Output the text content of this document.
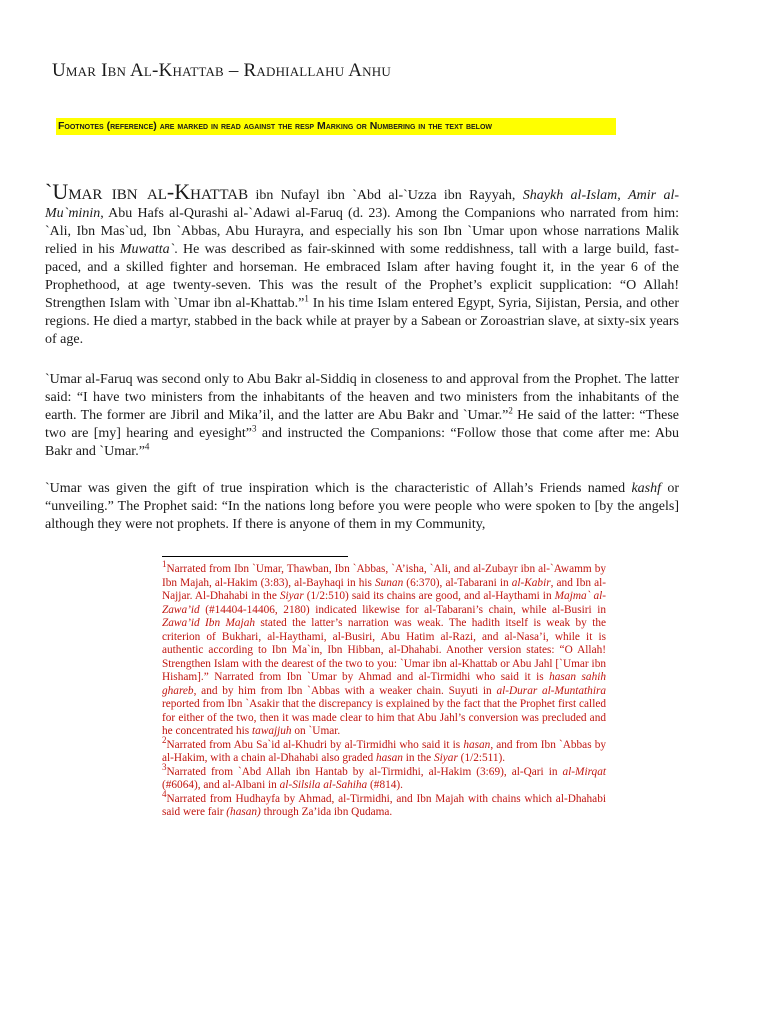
Umar Ibn Al-Khattab – Radhiallahu Anhu
Footnotes (reference) are marked in read against the resp Marking or Numbering in the text below
`Umar ibn al-Khattab ibn Nufayl ibn `Abd al-`Uzza ibn Rayyah, Shaykh al-Islam, Amir al-Mu`minin, Abu Hafs al-Qurashi al-`Adawi al-Faruq (d. 23). Among the Companions who narrated from him: `Ali, Ibn Mas`ud, Ibn `Abbas, Abu Hurayra, and especially his son Ibn `Umar upon whose narrations Malik relied in his Muwatta`. He was described as fair-skinned with some reddishness, tall with a large build, fast-paced, and a skilled fighter and horseman. He embraced Islam after having fought it, in the year 6 of the Prophethood, at age twenty-seven. This was the result of the Prophet’s explicit supplication: “O Allah! Strengthen Islam with `Umar ibn al-Khattab.”$^1$ In his time Islam entered Egypt, Syria, Sijistan, Persia, and other regions. He died a martyr, stabbed in the back while at prayer by a Sabean or Zoroastrian slave, at sixty-six years of age.
`Umar al-Faruq was second only to Abu Bakr al-Siddiq in closeness to and approval from the Prophet. The latter said: “I have two ministers from the inhabitants of the heaven and two ministers from the inhabitants of the earth. The former are Jibril and Mika’il, and the latter are Abu Bakr and `Umar.”$^2$ He said of the latter: “These two are [my] hearing and eyesight”$^3$ and instructed the Companions: “Follow those that come after me: Abu Bakr and `Umar.”$^4$
`Umar was given the gift of true inspiration which is the characteristic of Allah’s Friends named kashf or “unveiling.” The Prophet said: “In the nations long before you were people who were spoken to [by the angels] although they were not prophets. If there is anyone of them in my Community,

$^1$Narrated from Ibn `Umar, Thawban, Ibn `Abbas, `A’isha, `Ali, and al-Zubayr ibn al-`Awamm by Ibn Majah, al-Hakim (3:83), al-Bayhaqi in his Sunan (6:370), al-Tabarani in al-Kabir, and Ibn al-Najjar. Al-Dhahabi in the Siyar (1/2:510) said its chains are good, and al-Haythami in Majma` al-Zawa’id (#14404-14406, 2180) indicated likewise for al-Tabarani’s chain, while al-Busiri in Zawa’id Ibn Majah stated the latter’s narration was weak. The hadith itself is weak by the criterion of Bukhari, al-Haythami, al-Busiri, Abu Hatim al-Razi, and al-Nasa’i, while it is authentic according to Ibn Ma`in, Ibn Hibban, al-Dhahabi. Another version states: “O Allah! Strengthen Islam with the dearest of the two to you: `Umar ibn al-Khattab or Abu Jahl [`Umar ibn Hisham].” Narrated from Ibn `Umar by Ahmad and al-Tirmidhi who said it is hasan sahih ghareb, and by him from Ibn `Abbas with a weaker chain. Suyuti in al-Durar al-Muntathira reported from Ibn `Asakir that the discrepancy is explained by the fact that the Prophet first called for either of the two, then it was made clear to him that Abu Jahl’s conversion was precluded and he concentrated his tawajjuh on `Umar.

$^2$Narrated from Abu Sa`id al-Khudri by al-Tirmidhi who said it is hasan, and from Ibn `Abbas by al-Hakim, with a chain al-Dhahabi also graded hasan in the Siyar (1/2:511).

$^3$Narrated from `Abd Allah ibn Hantab by al-Tirmidhi, al-Hakim (3:69), al-Qari in al-Mirqat (#6064), and al-Albani in al-Silsila al-Sahiha (#814).

$^4$Narrated from Hudhayfa by Ahmad, al-Tirmidhi, and Ibn Majah with chains which al-Dhahabi said were fair (hasan) through Za’ida ibn Qudama.
